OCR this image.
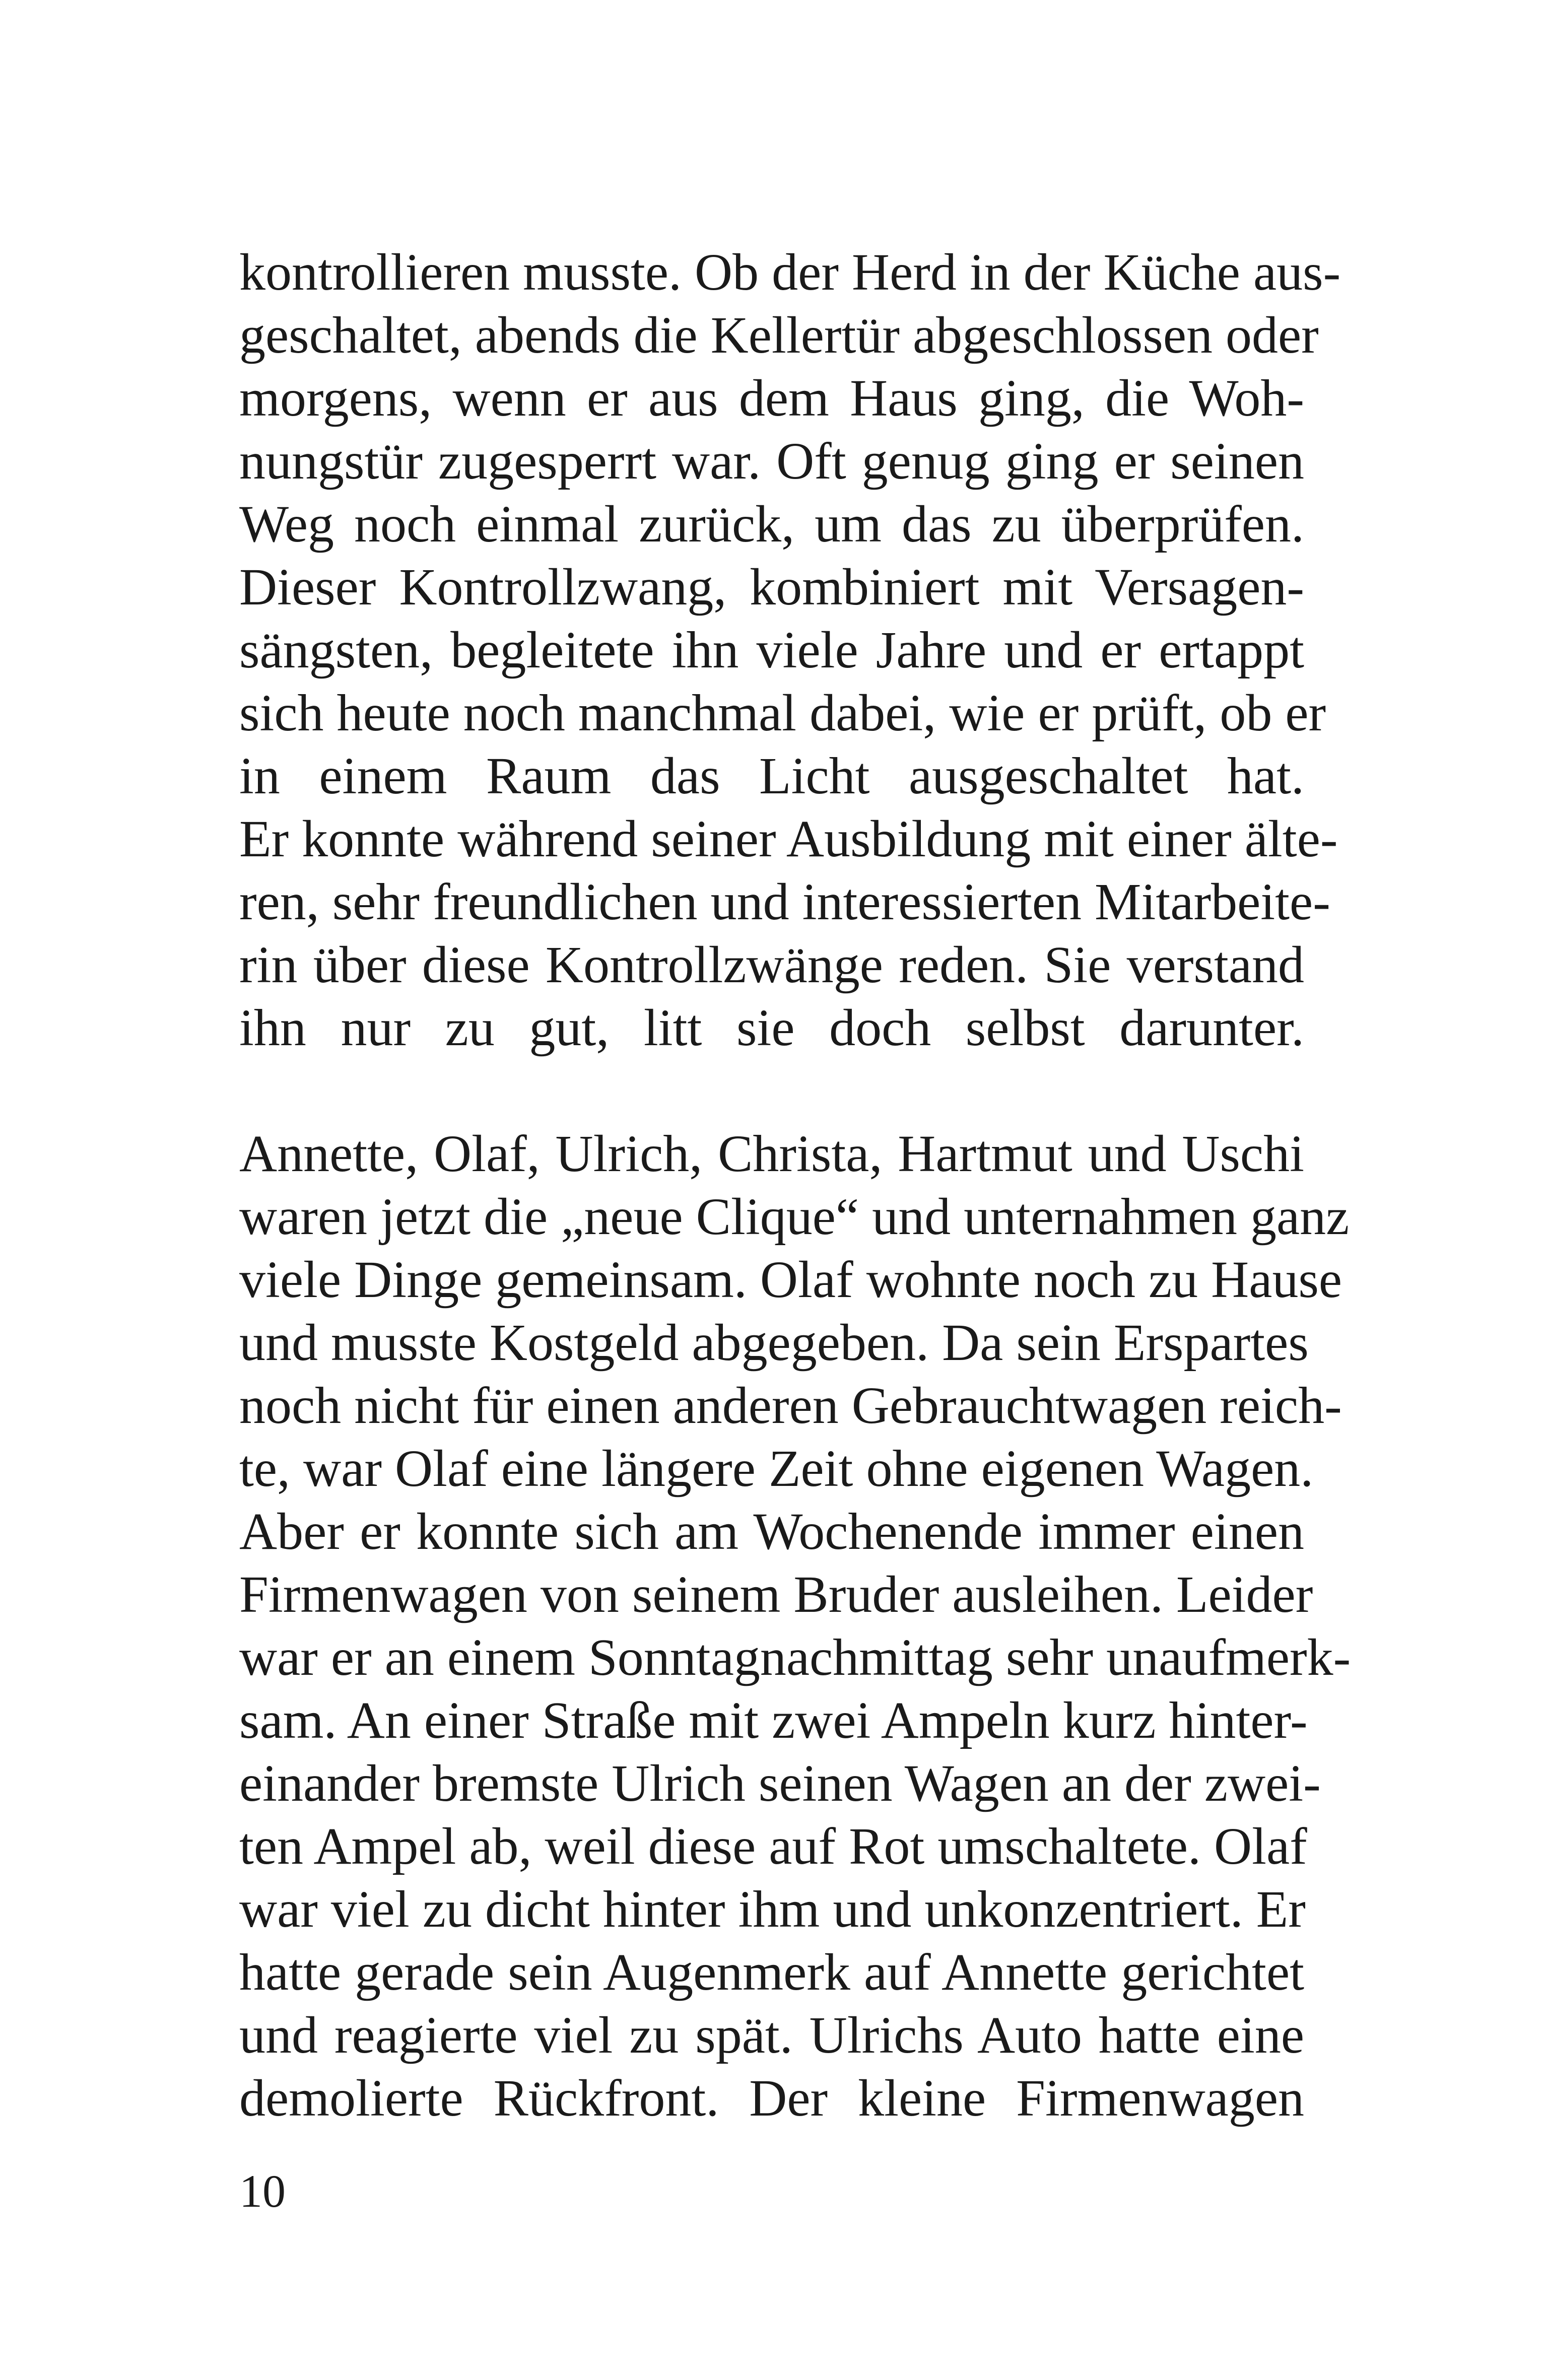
kontrollieren musste. Ob der Herd in der Küche aus-
geschaltet, abends die Kellertür abgeschlossen oder
morgens, wenn er aus dem Haus ging, die Woh-
nungstür zugesperrt war. Oft genug ging er seinen
Weg noch einmal zurück, um das zu überprüfen.
Dieser Kontrollzwang, kombiniert mit Versagen-
sängsten, begleitete ihn viele Jahre und er ertappt
sich heute noch manchmal dabei, wie er prüft, ob er
in einem Raum das Licht ausgeschaltet hat.
Er konnte während seiner Ausbildung mit einer älte-
ren, sehr freundlichen und interessierten Mitarbeite-
rin über diese Kontrollzwänge reden. Sie verstand
ihn nur zu gut, litt sie doch selbst darunter.
Annette, Olaf, Ulrich, Christa, Hartmut und Uschi
waren jetzt die „neue Clique“ und unternahmen ganz
viele Dinge gemeinsam. Olaf wohnte noch zu Hause
und musste Kostgeld abgegeben. Da sein Erspartes
noch nicht für einen anderen Gebrauchtwagen reich-
te, war Olaf eine längere Zeit ohne eigenen Wagen.
Aber er konnte sich am Wochenende immer einen
Firmenwagen von seinem Bruder ausleihen. Leider
war er an einem Sonntagnachmittag sehr unaufmerk-
sam. An einer Straße mit zwei Ampeln kurz hinter-
einander bremste Ulrich seinen Wagen an der zwei-
ten Ampel ab, weil diese auf Rot umschaltete. Olaf
war viel zu dicht hinter ihm und unkonzentriert. Er
hatte gerade sein Augenmerk auf Annette gerichtet
und reagierte viel zu spät. Ulrichs Auto hatte eine
demolierte Rückfront. Der kleine Firmenwagen
10
